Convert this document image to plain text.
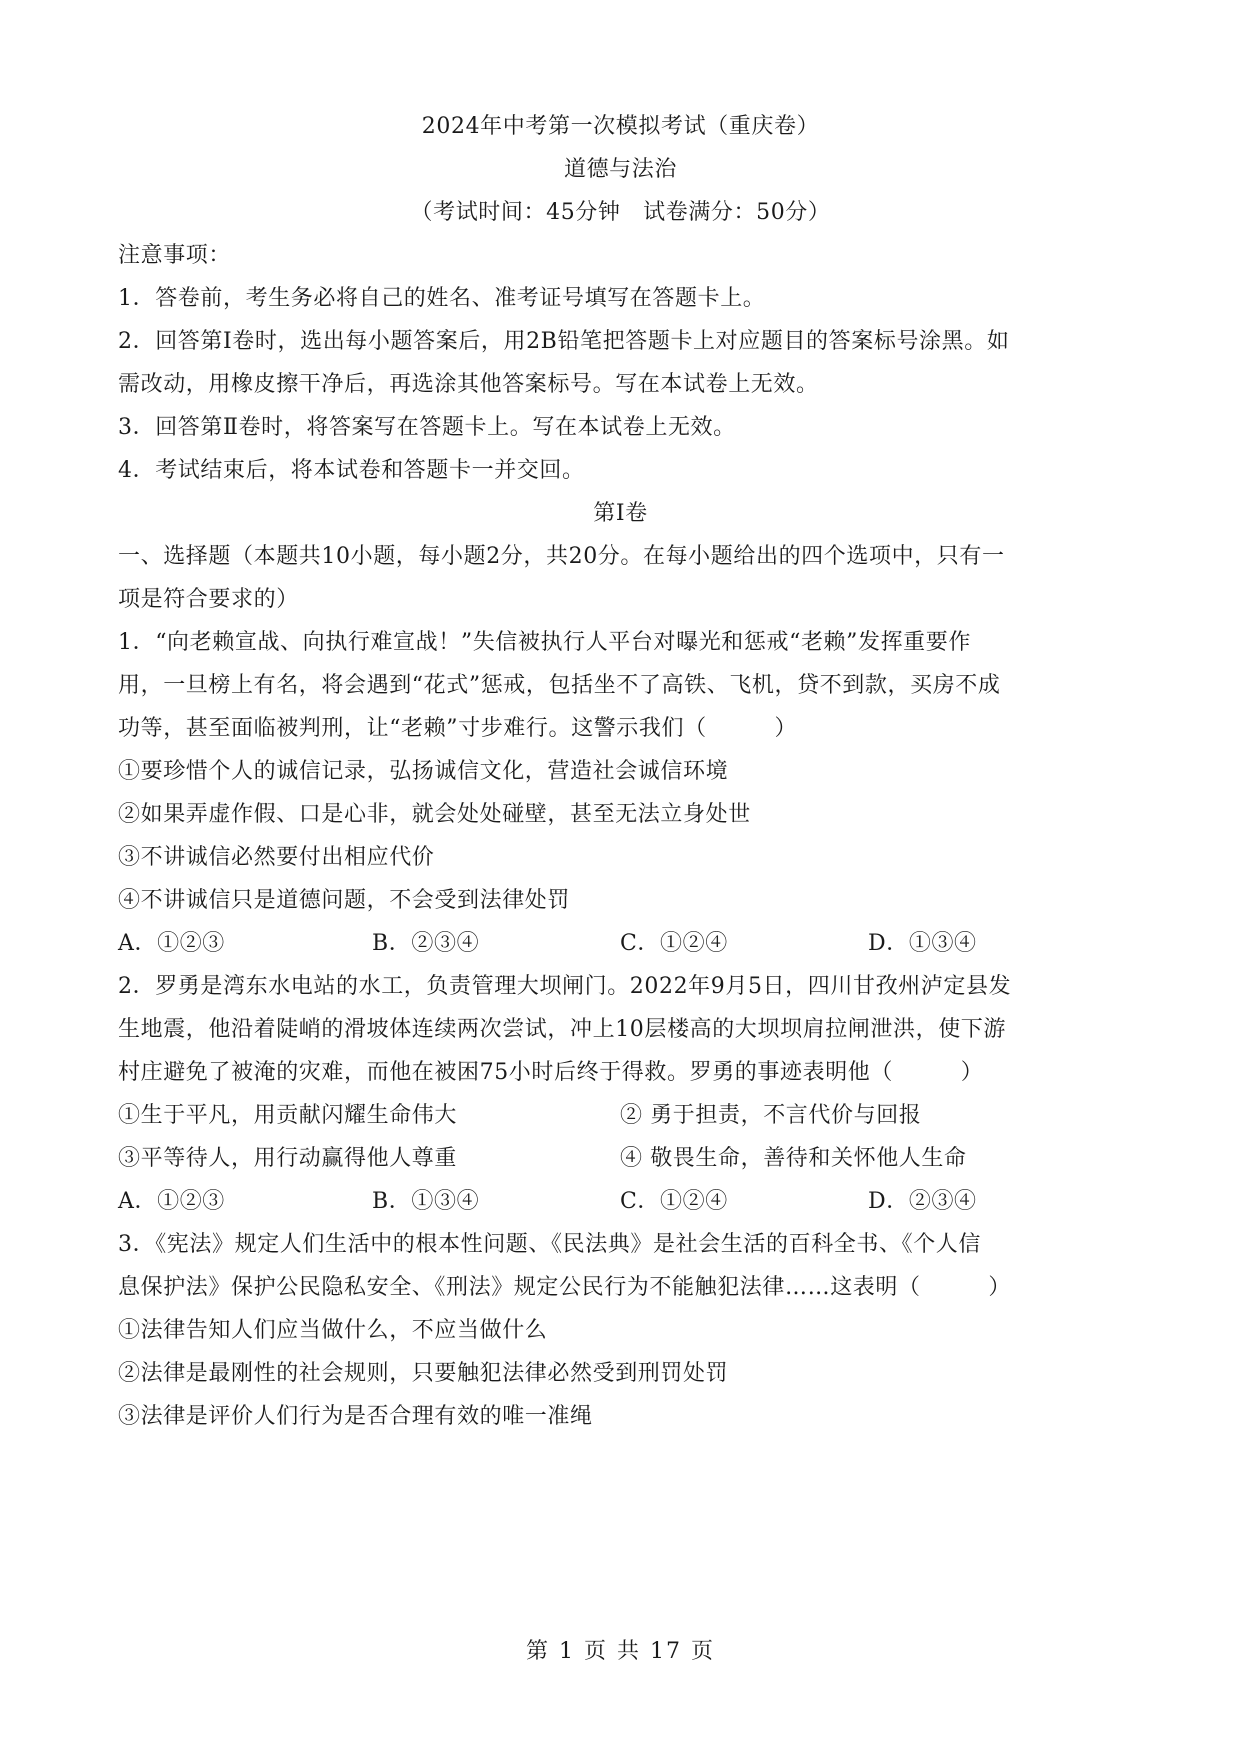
2024年中考第一次模拟考试（重庆卷）
道德与法治
（考试时间：45分钟　试卷满分：50分）
注意事项：
1．答卷前，考生务必将自己的姓名、准考证号填写在答题卡上。
2．回答第Ⅰ卷时，选出每小题答案后，用2B铅笔把答题卡上对应题目的答案标号涂黑。如
需改动，用橡皮擦干净后，再选涂其他答案标号。写在本试卷上无效。
3．回答第Ⅱ卷时，将答案写在答题卡上。写在本试卷上无效。
4．考试结束后，将本试卷和答题卡一并交回。
第Ⅰ卷
一、选择题（本题共10小题，每小题2分，共20分。在每小题给出的四个选项中，只有一
项是符合要求的）
1．“向老赖宣战、向执行难宣战！”失信被执行人平台对曝光和惩戒“老赖”发挥重要作
用，一旦榜上有名，将会遇到“花式”惩戒，包括坐不了高铁、飞机，贷不到款，买房不成
功等，甚至面临被判刑，让“老赖”寸步难行。这警示我们（　　　）
①要珍惜个人的诚信记录，弘扬诚信文化，营造社会诚信环境
②如果弄虚作假、口是心非，就会处处碰壁，甚至无法立身处世
③不讲诚信必然要付出相应代价
④不讲诚信只是道德问题，不会受到法律处罚
A．①②③	B．②③④	C．①②④	D．①③④
2．罗勇是湾东水电站的水工，负责管理大坝闸门。2022年9月5日，四川甘孜州泸定县发
生地震，他沿着陡峭的滑坡体连续两次尝试，冲上10层楼高的大坝坝肩拉闸泄洪，使下游
村庄避免了被淹的灾难，而他在被困75小时后终于得救。罗勇的事迹表明他（　　　）
①生于平凡，用贡献闪耀生命伟大	② 勇于担责，不言代价与回报
③平等待人，用行动赢得他人尊重	④ 敬畏生命，善待和关怀他人生命
A．①②③	B．①③④	C．①②④	D．②③④
3．《宪法》规定人们生活中的根本性问题、《民法典》是社会生活的百科全书、《个人信
息保护法》保护公民隐私安全、《刑法》规定公民行为不能触犯法律……这表明（　　　）
①法律告知人们应当做什么，不应当做什么
②法律是最刚性的社会规则，只要触犯法律必然受到刑罚处罚
③法律是评价人们行为是否合理有效的唯一准绳
第 1 页 共 17 页
